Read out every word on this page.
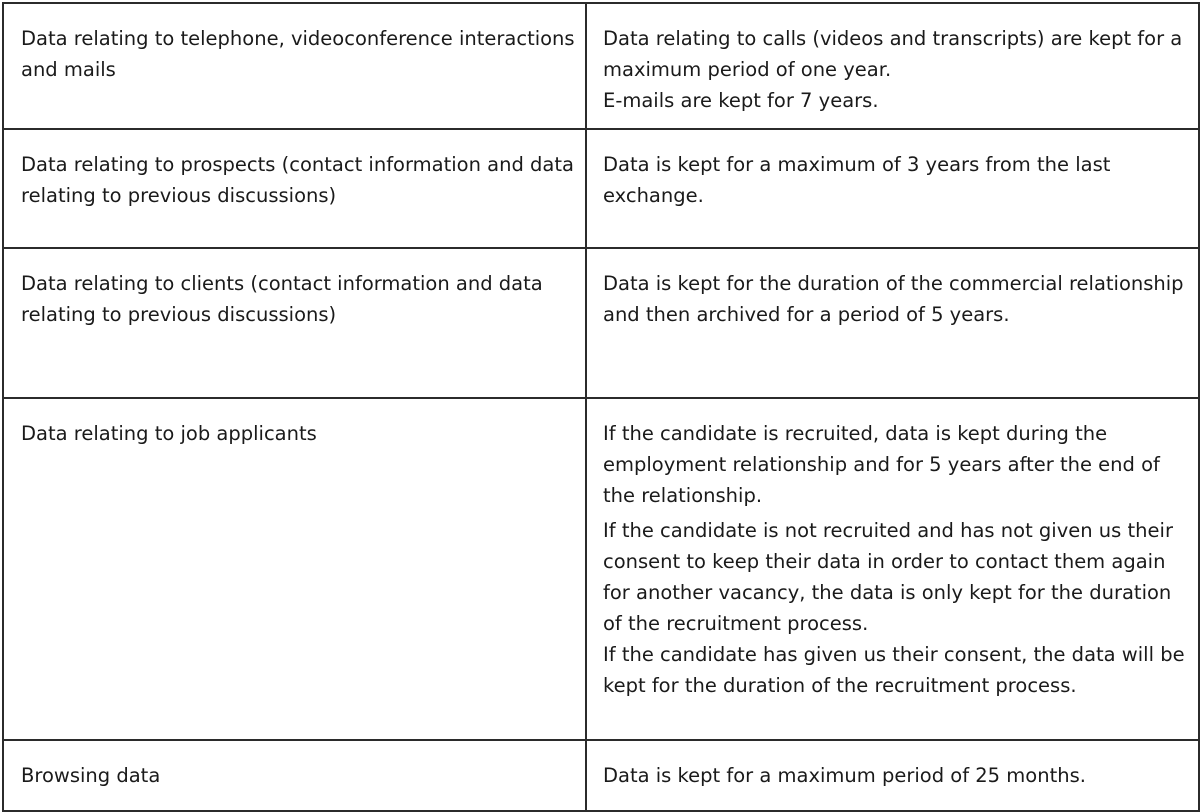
Data relating to telephone, videoconference interactions and mails	Data relating to calls (videos and transcripts) are kept for a maximum period of one year.
E-mails are kept for 7 years.

Data relating to prospects (contact information and data relating to previous discussions)	Data is kept for a maximum of 3 years from the last exchange.

Data relating to clients (contact information and data relating to previous discussions)	Data is kept for the duration of the commercial relationship and then archived for a period of 5 years.

Data relating to job applicants	If the candidate is recruited, data is kept during the employment relationship and for 5 years after the end of the relationship.
If the candidate is not recruited and has not given us their consent to keep their data in order to contact them again for another vacancy, the data is only kept for the duration of the recruitment process.
If the candidate has given us their consent, the data will be kept for the duration of the recruitment process.

Browsing data	Data is kept for a maximum period of 25 months.
